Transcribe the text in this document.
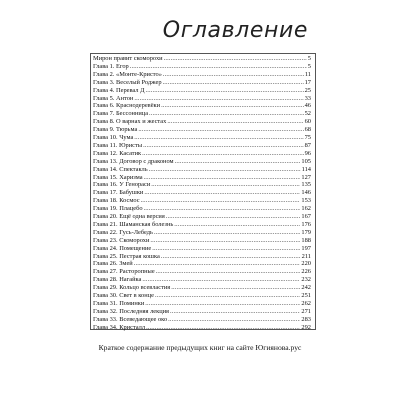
Оглавление
Мирон правит скоморохи .....	5
Глава 1. Егор .....	5
Глава 2. «Монте-Кристо» .....	11
Глава 3. Веселый Роджер .....	17
Глава 4. Перевал Д .....	25
Глава 5. Антон .....	33
Глава 6. Краснодеревёки .....	46
Глава 7. Бессонница .....	52
Глава 8. О варнах и жестах .....	60
Глава 9. Тюрьма .....	68
Глава 10. Чума .....	75
Глава 11. Юристы .....	87
Глава 12. Касатик .....	96
Глава 13. Договор с драконом .....	105
Глава 14. Спектакль .....	114
Глава 15. Харизма .....	127
Глава 16. У Генораси .....	135
Глава 17. Бабушки .....	146
Глава 18. Космос .....	153
Глава 19. Плацебо .....	162
Глава 20. Ещё одна версия .....	167
Глава 21. Шаманская болезнь .....	176
Глава 22. Гусь-Лебедь .....	179
Глава 23. Скоморохи .....	188
Глава 24. Помещение .....	197
Глава 25. Пестрая кошка .....	211
Глава 26. Змей .....	220
Глава 27. Расторопные .....	226
Глава 28. Нагайка .....	232
Глава 29. Кольцо всевластия .....	242
Глава 30. Свет в конце .....	251
Глава 31. Поминки .....	262
Глава 32. Последняя лекция .....	271
Глава 33. Всеведающее око .....	283
Глава 34. Кристалл .....	292
Краткое содержание предыдущих книг на сайте Югиянова.рус
